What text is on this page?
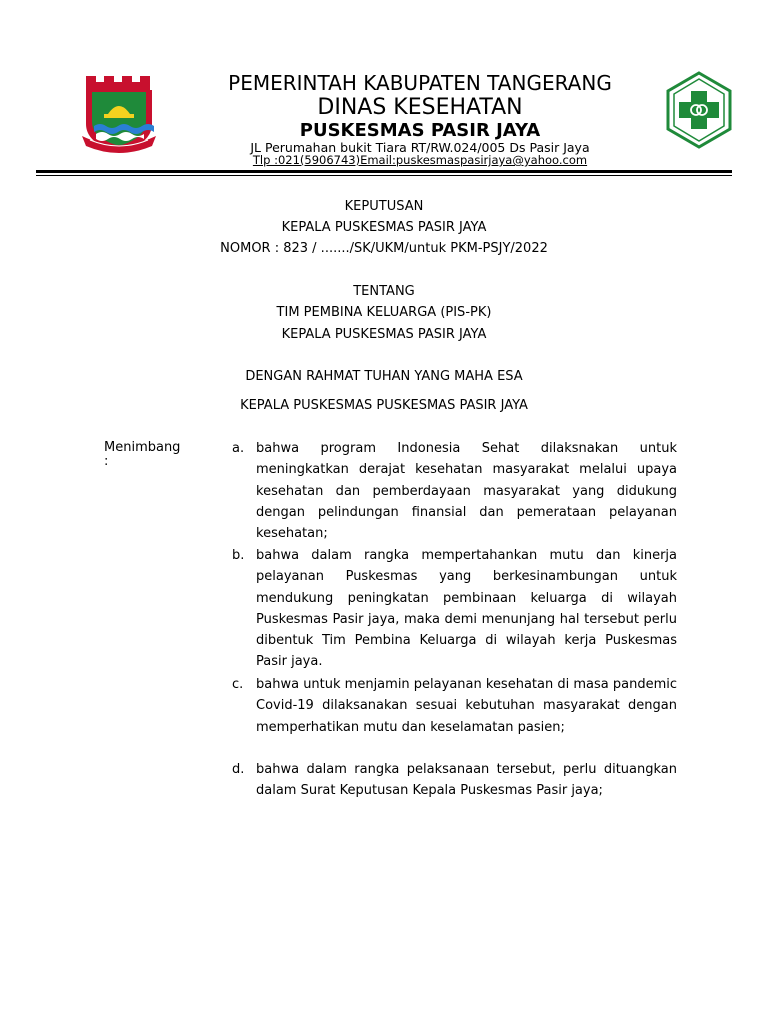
PEMERINTAH KABUPATEN TANGERANG
DINAS KESEHATAN
PUSKESMAS PASIR JAYA
JL Perumahan bukit Tiara RT/RW.024/005 Ds Pasir Jaya
Tlp :021(5906743)Email:puskesmaspasirjaya@yahoo.com
KEPUTUSAN
KEPALA PUSKESMAS PASIR JAYA
NOMOR : 823 / ......./SK/UKM/untuk PKM-PSJY/2022
TENTANG
TIM PEMBINA KELUARGA (PIS-PK)
KEPALA PUSKESMAS PASIR JAYA
DENGAN RAHMAT TUHAN YANG MAHA ESA
KEPALA PUSKESMAS PUSKESMAS PASIR JAYA
Menimbang
:
a. bahwa program Indonesia Sehat dilaksnakan untuk meningkatkan derajat kesehatan masyarakat melalui upaya kesehatan dan pemberdayaan masyarakat yang didukung dengan pelindungan finansial dan pemerataan pelayanan kesehatan;
b. bahwa dalam rangka mempertahankan mutu dan kinerja pelayanan Puskesmas yang berkesinambungan untuk mendukung peningkatan pembinaan keluarga di wilayah Puskesmas Pasir jaya, maka demi menunjang hal tersebut perlu dibentuk Tim Pembina Keluarga di wilayah kerja Puskesmas Pasir jaya.
c. bahwa untuk menjamin pelayanan kesehatan di masa pandemic Covid-19 dilaksanakan sesuai kebutuhan masyarakat dengan memperhatikan mutu dan keselamatan pasien;
d. bahwa dalam rangka pelaksanaan tersebut, perlu dituangkan dalam Surat Keputusan Kepala Puskesmas Pasir jaya;
